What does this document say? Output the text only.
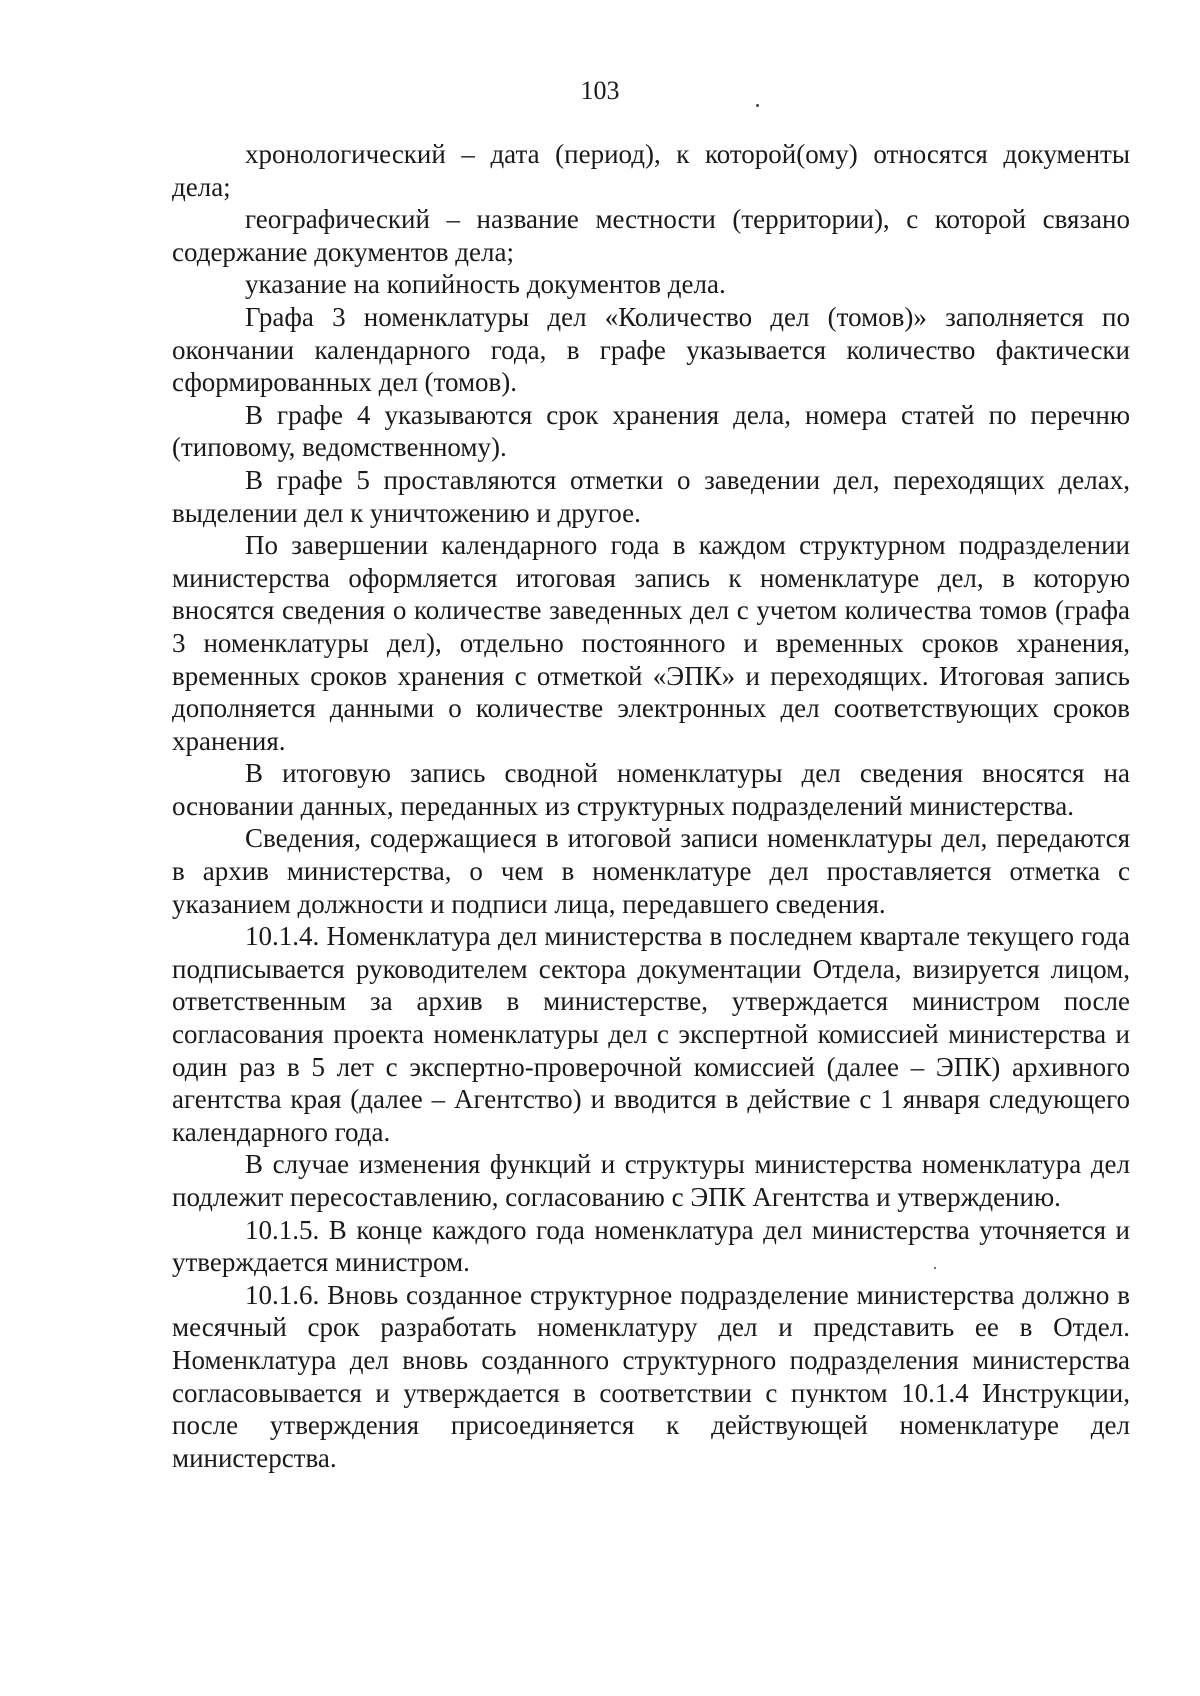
103

хронологический – дата (период), к которой(ому) относятся документы дела;

географический – название местности (территории), с которой связано содержание документов дела;

указание на копийность документов дела.

Графа 3 номенклатуры дел «Количество дел (томов)» заполняется по окончании календарного года, в графе указывается количество фактически сформированных дел (томов).

В графе 4 указываются срок хранения дела, номера статей по перечню (типовому, ведомственному).

В графе 5 проставляются отметки о заведении дел, переходящих делах, выделении дел к уничтожению и другое.

По завершении календарного года в каждом структурном подразделении министерства оформляется итоговая запись к номенклатуре дел, в которую вносятся сведения о количестве заведенных дел с учетом количества томов (графа 3 номенклатуры дел), отдельно постоянного и временных сроков хранения, временных сроков хранения с отметкой «ЭПК» и переходящих. Итоговая запись дополняется данными о количестве электронных дел соответствующих сроков хранения.

В итоговую запись сводной номенклатуры дел сведения вносятся на основании данных, переданных из структурных подразделений министерства.

Сведения, содержащиеся в итоговой записи номенклатуры дел, передаются в архив министерства, о чем в номенклатуре дел проставляется отметка с указанием должности и подписи лица, передавшего сведения.

10.1.4. Номенклатура дел министерства в последнем квартале текущего года подписывается руководителем сектора документации Отдела, визируется лицом, ответственным за архив в министерстве, утверждается министром после согласования проекта номенклатуры дел с экспертной комиссией министерства и один раз в 5 лет с экспертно-проверочной комиссией (далее – ЭПК) архивного агентства края (далее – Агентство) и вводится в действие с 1 января следующего календарного года.

В случае изменения функций и структуры министерства номенклатура дел подлежит пересоставлению, согласованию с ЭПК Агентства и утверждению.

10.1.5. В конце каждого года номенклатура дел министерства уточняется и утверждается министром.

10.1.6. Вновь созданное структурное подразделение министерства должно в месячный срок разработать номенклатуру дел и представить ее в Отдел. Номенклатура дел вновь созданного структурного подразделения министерства согласовывается и утверждается в соответствии с пунктом 10.1.4 Инструкции, после утверждения присоединяется к действующей номенклатуре дел министерства.
